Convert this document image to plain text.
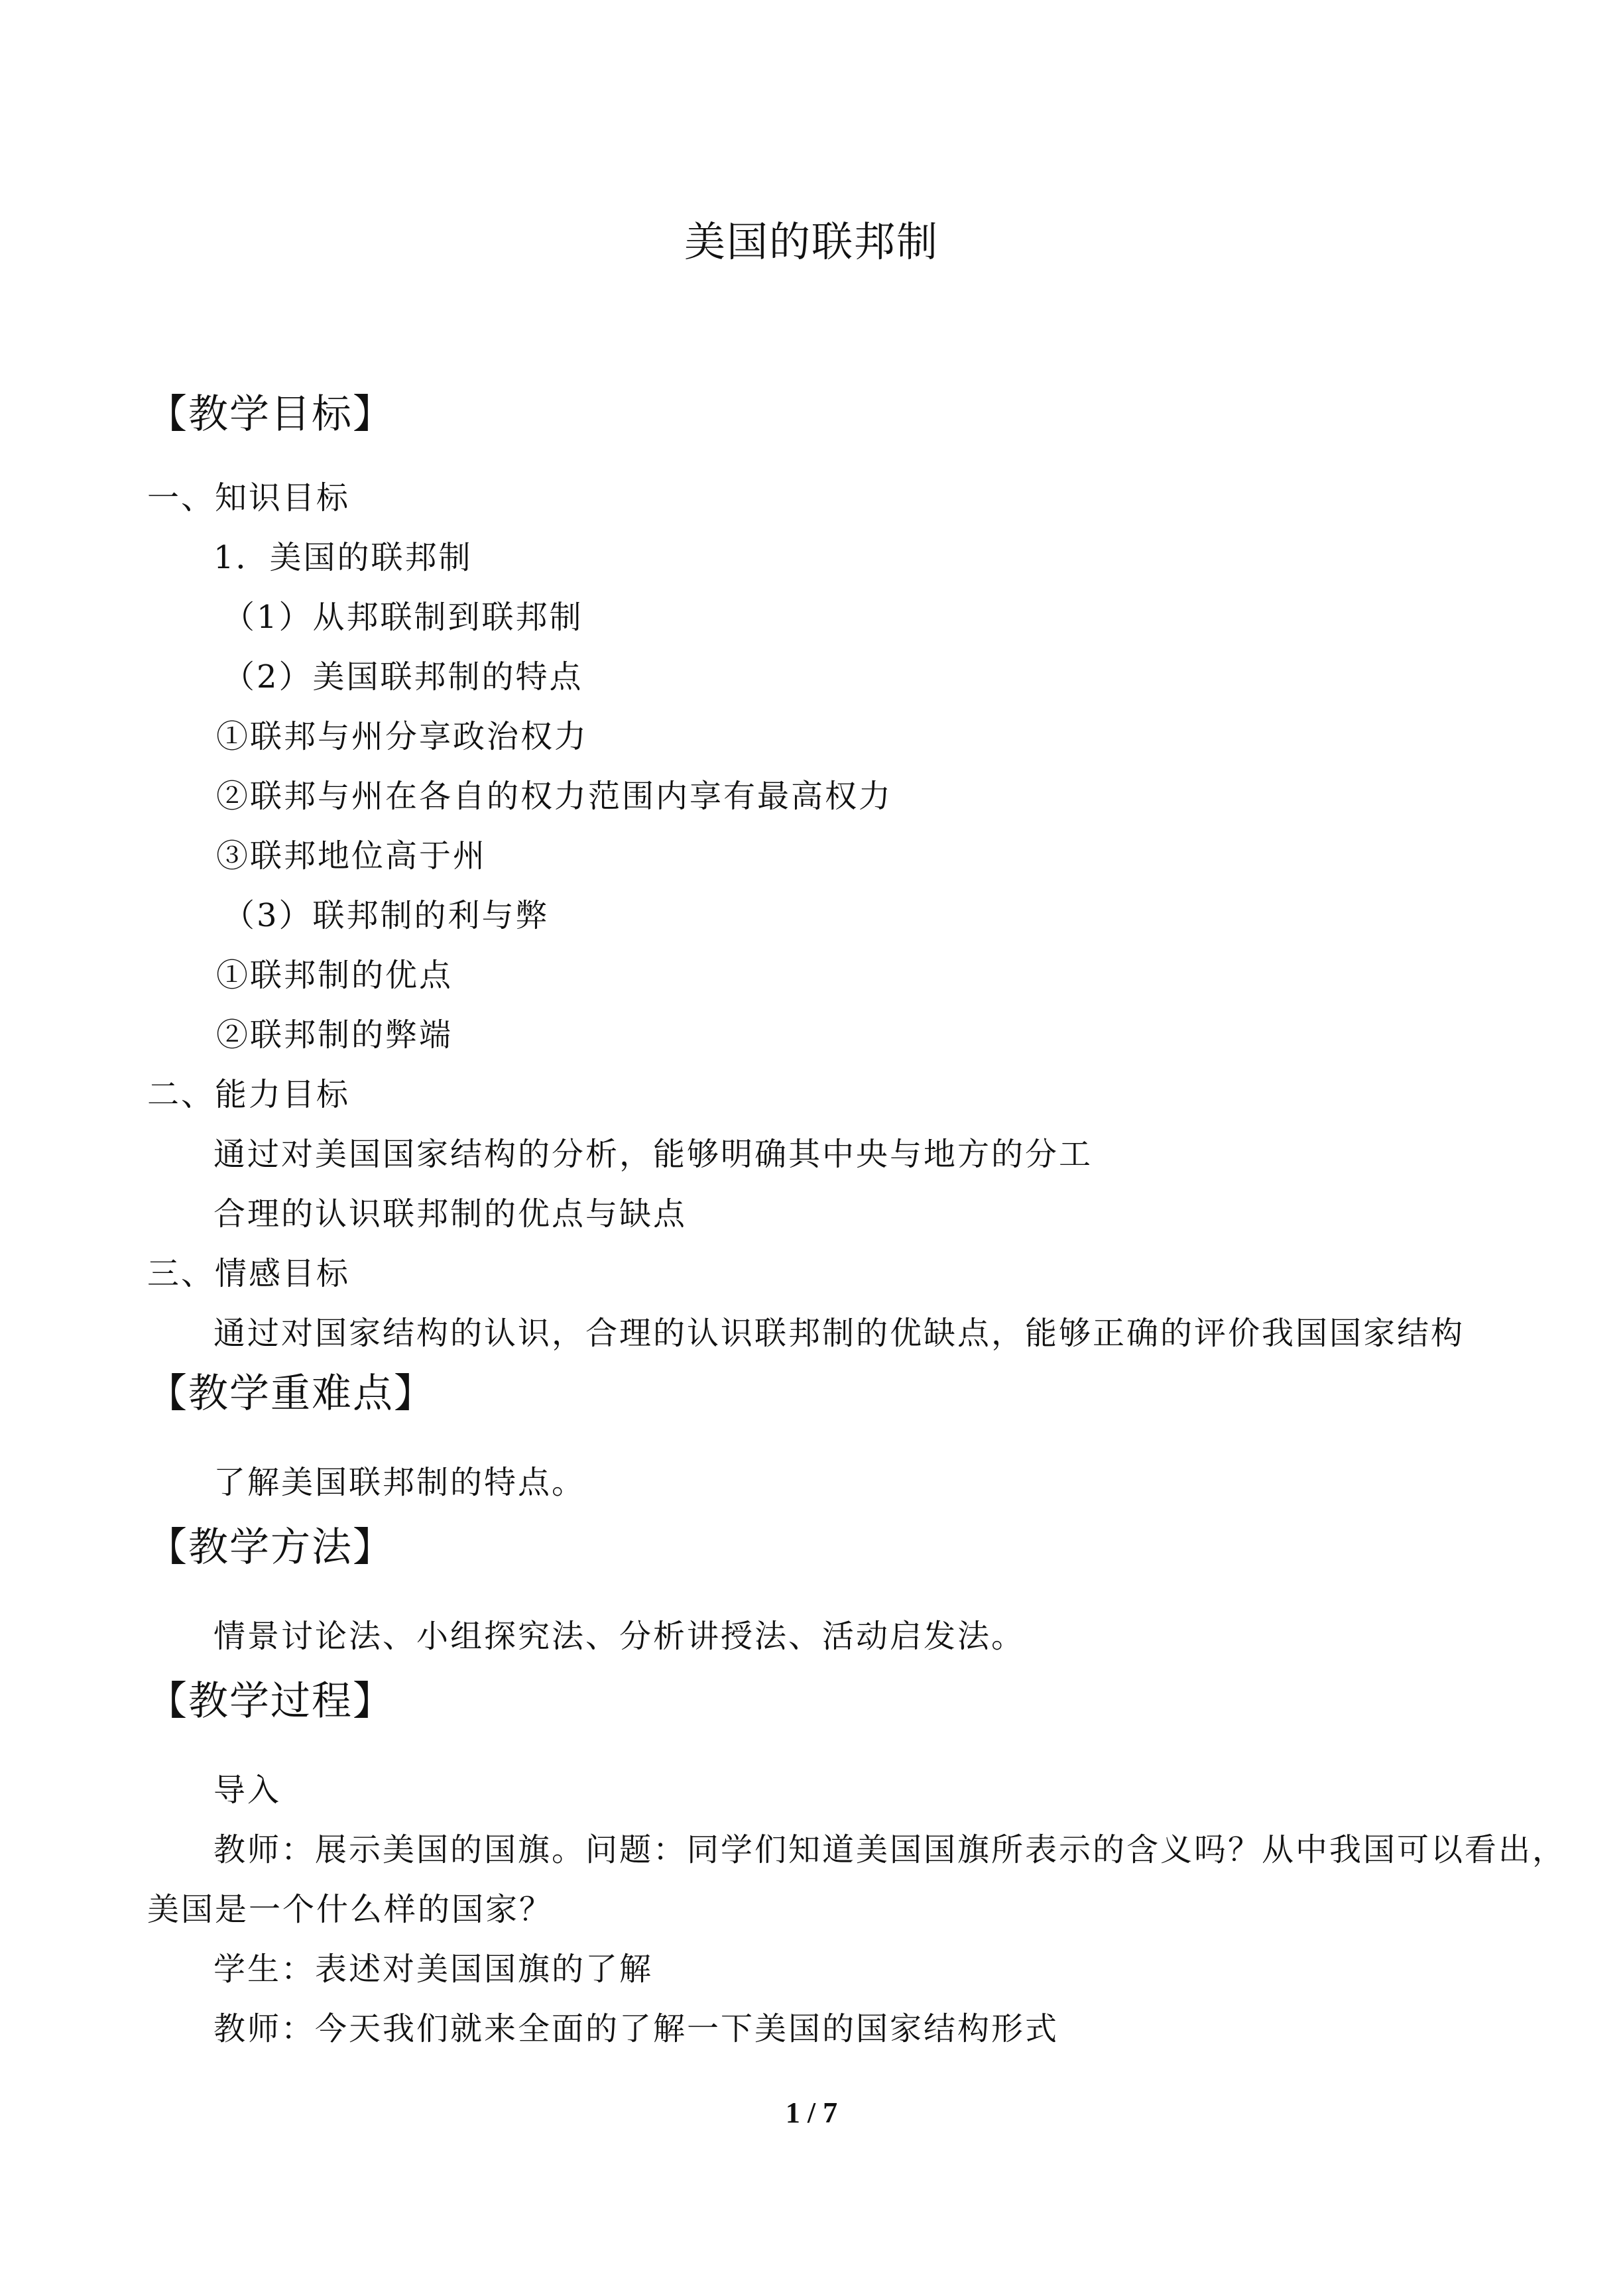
美国的联邦制
【教学目标】
一、知识目标
1．美国的联邦制
（1）从邦联制到联邦制
（2）美国联邦制的特点
①联邦与州分享政治权力
②联邦与州在各自的权力范围内享有最高权力
③联邦地位高于州
（3）联邦制的利与弊
①联邦制的优点
②联邦制的弊端
二、能力目标
通过对美国国家结构的分析，能够明确其中央与地方的分工
合理的认识联邦制的优点与缺点
三、情感目标
通过对国家结构的认识，合理的认识联邦制的优缺点，能够正确的评价我国国家结构
【教学重难点】
了解美国联邦制的特点。
【教学方法】
情景讨论法、小组探究法、分析讲授法、活动启发法。
【教学过程】
导入
教师：展示美国的国旗。问题：同学们知道美国国旗所表示的含义吗？从中我国可以看出，
美国是一个什么样的国家？
学生：表述对美国国旗的了解
教师：今天我们就来全面的了解一下美国的国家结构形式
1 / 7
